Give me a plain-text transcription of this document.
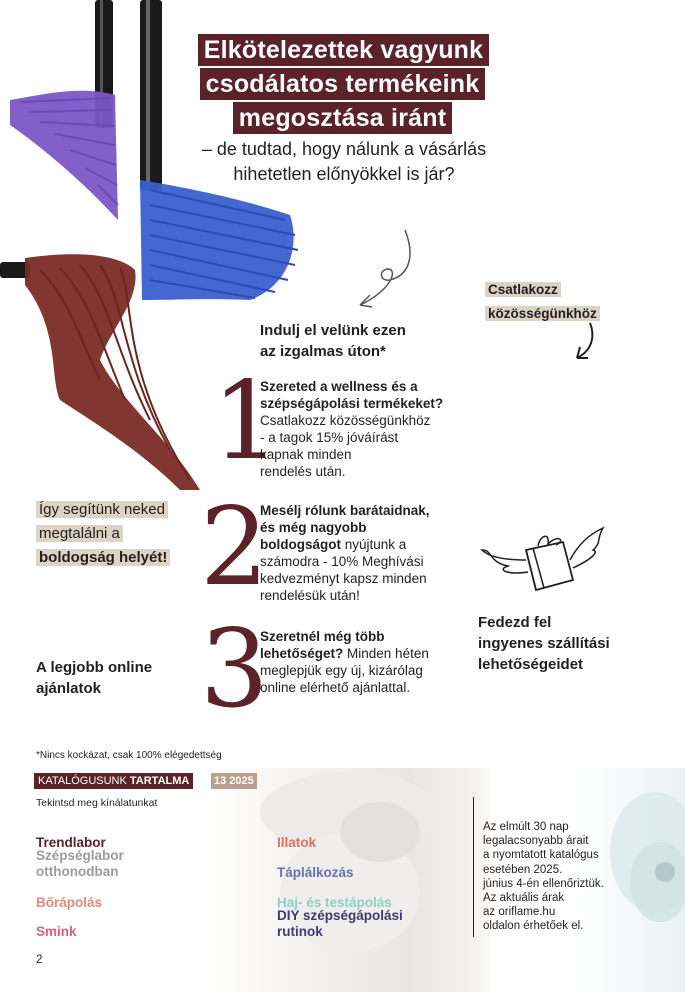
Elkötelezettek vagyunk
csodálatos termékeink
megosztása iránt
– de tudtad, hogy nálunk a vásárlás
hihetetlen előnyökkel is jár?
Csatlakozz
közösségünkhöz
Indulj el velünk ezen
az izgalmas úton*
1
Szereted a wellness és a
szépségápolási termékeket?
Csatlakozz közösségünkhöz
- a tagok 15% jóváírást
kapnak minden
rendelés után.
2
Mesélj rólunk barátaidnak,
és még nagyobb
boldogságot nyújtunk a
számodra - 10% Meghívási
kedvezményt kapsz minden
rendelésük után!
3
Szeretnél még több
lehetőséget? Minden héten
meglepjük egy új, kizárólag
online elérhető ajánlattal.
Így segítünk neked
megtalálni a
boldogság helyét!
A legjobb online
ajánlatok
Fedezd fel
ingyenes szállítási
lehetőségeidet
*Nincs kockázat, csak 100% elégedettség
KATALÓGUSUNK TARTALMA	13 2025
Tekintsd meg kínálatunkat
Trendlabor
Szépséglabor
otthonodban
Bőrápolás
Smink
Illatok
Táplálkozás
Haj- és testápolás
DIY szépségápolási
rutinok
Az elmúlt 30 nap
legalacsonyabb árait
a nyomtatott katalógus
esetében 2025.
június 4-én ellenőriztük.
Az aktuális árak
az oriflame.hu
oldalon érhetőek el.
2
